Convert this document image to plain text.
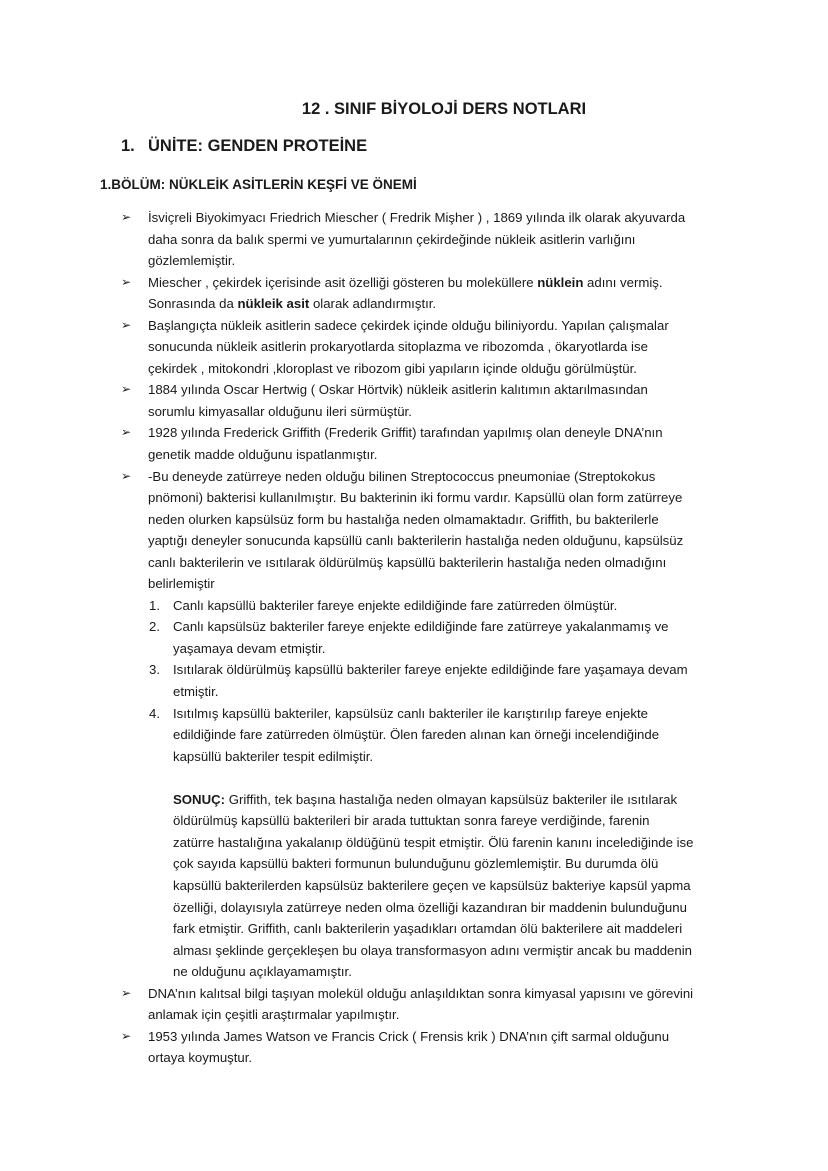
12 . SINIF BİYOLOJİ DERS NOTLARI
1. ÜNİTE: GENDEN PROTEİNE
1.BÖLÜM: NÜKLEİK ASİTLERİN KEŞFİ VE ÖNEMİ
➢	İsviçreli Biyokimyacı Friedrich Miescher ( Fredrik Mişher ) , 1869 yılında ilk olarak akyuvarda
daha sonra da balık spermi ve yumurtalarının çekirdeğinde nükleik asitlerin varlığını
gözlemlemiştir.
➢	Miescher , çekirdek içerisinde asit özelliği gösteren bu moleküllere nüklein adını vermiş.
Sonrasında da nükleik asit olarak adlandırmıştır.
➢	Başlangıçta nükleik asitlerin sadece çekirdek içinde olduğu biliniyordu. Yapılan çalışmalar
sonucunda nükleik asitlerin prokaryotlarda sitoplazma ve ribozomda , ökaryotlarda ise
çekirdek , mitokondri ,kloroplast ve ribozom gibi yapıların içinde olduğu görülmüştür.
➢	1884 yılında Oscar Hertwig ( Oskar Hörtvik) nükleik asitlerin kalıtımın aktarılmasından
sorumlu kimyasallar olduğunu ileri sürmüştür.
➢	1928 yılında Frederick Griffith (Frederik Griffit) tarafından yapılmış olan deneyle DNA’nın
genetik madde olduğunu ispatlanmıştır.
➢	-Bu deneyde zatürreye neden olduğu bilinen Streptococcus pneumoniae (Streptokokus
pnömoni) bakterisi kullanılmıştır. Bu bakterinin iki formu vardır. Kapsüllü olan form zatürreye
neden olurken kapsülsüz form bu hastalığa neden olmamaktadır. Griffith, bu bakterilerle
yaptığı deneyler sonucunda kapsüllü canlı bakterilerin hastalığa neden olduğunu, kapsülsüz
canlı bakterilerin ve ısıtılarak öldürülmüş kapsüllü bakterilerin hastalığa neden olmadığını
belirlemiştir
1. Canlı kapsüllü bakteriler fareye enjekte edildiğinde fare zatürreden ölmüştür.
2. Canlı kapsülsüz bakteriler fareye enjekte edildiğinde fare zatürreye yakalanmamış ve
yaşamaya devam etmiştir.
3. Isıtılarak öldürülmüş kapsüllü bakteriler fareye enjekte edildiğinde fare yaşamaya devam
etmiştir.
4. Isıtılmış kapsüllü bakteriler, kapsülsüz canlı bakteriler ile karıştırılıp fareye enjekte
edildiğinde fare zatürreden ölmüştür. Ölen fareden alınan kan örneği incelendiğinde
kapsüllü bakteriler tespit edilmiştir.
SONUÇ: Griffith, tek başına hastalığa neden olmayan kapsülsüz bakteriler ile ısıtılarak
öldürülmüş kapsüllü bakterileri bir arada tuttuktan sonra fareye verdiğinde, farenin
zatürre hastalığına yakalanıp öldüğünü tespit etmiştir. Ölü farenin kanını incelediğinde ise
çok sayıda kapsüllü bakteri formunun bulunduğunu gözlemlemiştir. Bu durumda ölü
kapsüllü bakterilerden kapsülsüz bakterilere geçen ve kapsülsüz bakteriye kapsül yapma
özelliği, dolayısıyla zatürreye neden olma özelliği kazandıran bir maddenin bulunduğunu
fark etmiştir. Griffith, canlı bakterilerin yaşadıkları ortamdan ölü bakterilere ait maddeleri
alması şeklinde gerçekleşen bu olaya transformasyon adını vermiştir ancak bu maddenin
ne olduğunu açıklayamamıştır.
➢	DNA’nın kalıtsal bilgi taşıyan molekül olduğu anlaşıldıktan sonra kimyasal yapısını ve görevini
anlamak için çeşitli araştırmalar yapılmıştır.
➢	1953 yılında James Watson ve Francis Crick ( Frensis krik ) DNA’nın çift sarmal olduğunu
ortaya koymuştur.
